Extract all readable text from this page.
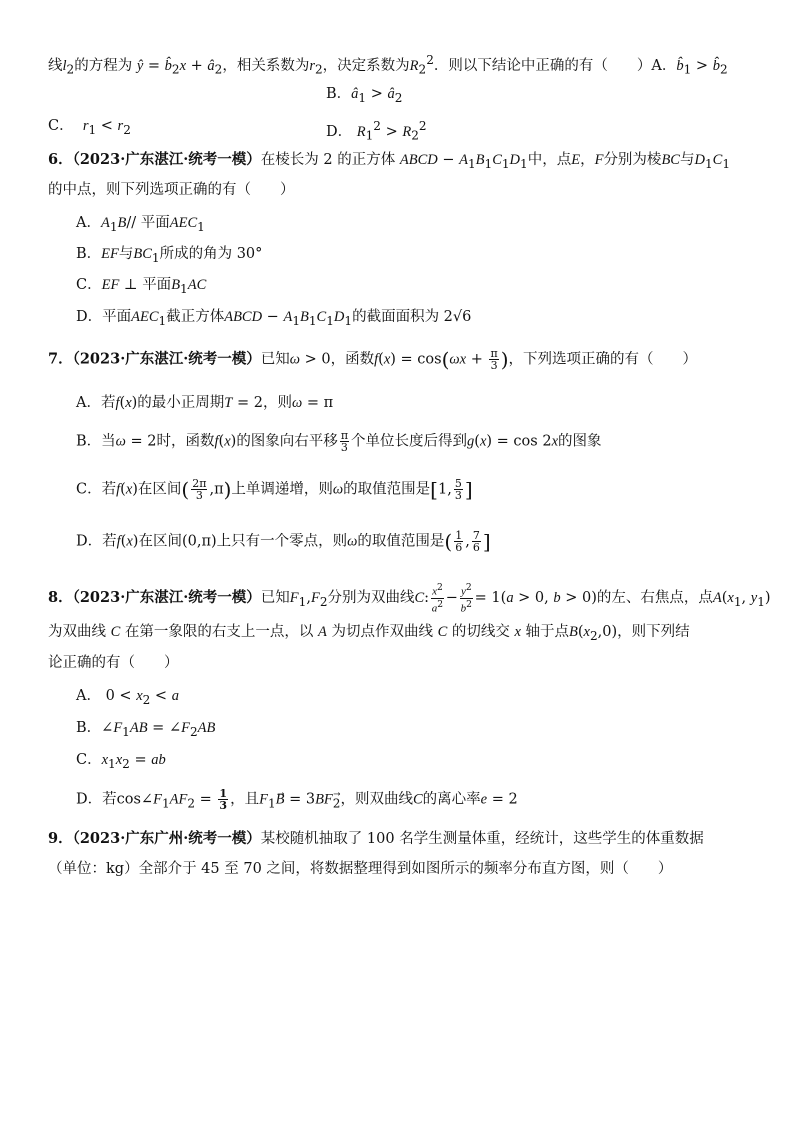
线$l_2$的方程为 ŷ = $b̂_2x$ + $â_2$，相关系数为$r_2$，决定系数为$R_2^2$．则以下结论中正确的有（　　）A．$b̂_1$ > $b̂_2$
B．$â_1$ > $â_2$
C． $r_1 < r_2$	D． $R_1^2 > R_2^2$
6．（2023·广东湛江·统考一模）在棱长为 2 的正方体 ABCD − $A_1B_1C_1D_1$中，点E，F分别为棱BC与$D_1C_1$
的中点，则下列选项正确的有（　　）
A．$A_1B//$ 平面$AEC_1$
B．EF与$BC_1$所成的角为 30°
C．EF ⊥ 平面$B_1AC$
D．平面$AEC_1$截正方体ABCD − $A_1B_1C_1D_1$的截面面积为 2√6
7．（2023·广东湛江·统考一模）已知ω > 0，函数$f(x) = \cos(\omega x + \frac{\pi}{3}$ )，下列选项正确的有（　　）
A．若f(x)的最小正周期T = 2，则ω = π
B．当ω = 2时，函数f(x)的图象向右平移 $\frac{\pi}{3}$ 个单位长度后得到g(x) = cos 2x的图象
C．若f(x)在区间( $\frac{2\pi}{3} ,\pi$)上单调递增，则ω的取值范围是[1, $\frac{5}{3}$ ]
D．若f(x)在区间(0,π)上只有一个零点，则ω的取值范围是( $\frac{1}{6}$ , $\frac{7}{6}$ ]
8．（2023·广东湛江·统考一模）已知$F_1,F_2$分别为双曲线C: $\frac{x^2}{a^2} - \frac{y^2}{b^2} = 1(a > 0$, b > 0)的左、右焦点，点$A(x_1$, $y_1$)
为双曲线 C 在第一象限的右支上一点，以 A 为切点作双曲线 C 的切线交 x 轴于点$B(x_2,0)$，则下列结
论正确的有（　　）
A． $0 < x_2 < a$
B．$\angle F_1AB$ = $\angle F_2AB$
C．$x_1x_2$ = ab
D．若$\cos\angle F_1AF_2 = \frac{1}{3}$ ，且$F_1B⃗ = 3BF_2$，则双曲线C的离心率e = 2
9．（2023·广东广州·统考一模）某校随机抽取了 100 名学生测量体重，经统计，这些学生的体重数据
（单位：kg）全部介于 45 至 70 之间，将数据整理得到如图所示的频率分布直方图，则（　　）
